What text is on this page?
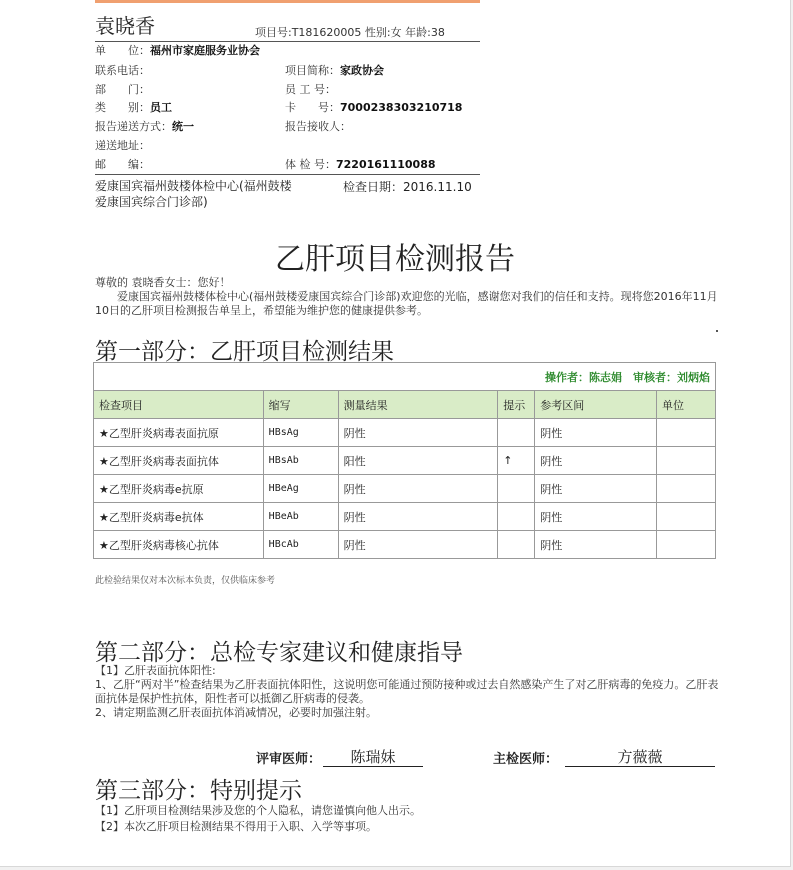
袁晓香	项目号:T181620005 性别:女 年龄:38
单　　位：福州市家庭服务业协会
联系电话：	项目简称：家政协会
部　　门：	员 工 号：
类　　别：员工	卡　　号：7000238303210718
报告递送方式：统一	报告接收人：
递送地址：
邮　　编：	体 检 号：7220161110088
爱康国宾福州鼓楼体检中心(福州鼓楼爱康国宾综合门诊部)
检查日期：2016.11.10
乙肝项目检测报告
尊敬的 袁晓香女士：您好！
　　爱康国宾福州鼓楼体检中心(福州鼓楼爱康国宾综合门诊部)欢迎您的光临，感谢您对我们的信任和支持。现将您2016年11月10日的乙肝项目检测报告单呈上，希望能为维护您的健康提供参考。
第一部分：乙肝项目检测结果
操作者：陈志娟　审核者：刘炳焰					
检查项目	缩写	测量结果	提示	参考区间	单位
★乙型肝炎病毒表面抗原	HBsAg	阴性		阴性	
★乙型肝炎病毒表面抗体	HBsAb	阳性	↑	阴性	
★乙型肝炎病毒e抗原	HBeAg	阴性		阴性	
★乙型肝炎病毒e抗体	HBeAb	阴性		阴性	
★乙型肝炎病毒核心抗体	HBcAb	阴性		阴性	
此检验结果仅对本次标本负责，仅供临床参考
第二部分：总检专家建议和健康指导
【1】乙肝表面抗体阳性:
1、乙肝“两对半”检查结果为乙肝表面抗体阳性，这说明您可能通过预防接种或过去自然感染产生了对乙肝病毒的免疫力。乙肝表面抗体是保护性抗体，阳性者可以抵御乙肝病毒的侵袭。
2、请定期监测乙肝表面抗体消减情况，必要时加强注射。
评审医师：	陈瑞妹	主检医师：	方薇薇
第三部分：特别提示
【1】乙肝项目检测结果涉及您的个人隐私，请您谨慎向他人出示。
【2】本次乙肝项目检测结果不得用于入职、入学等事项。
